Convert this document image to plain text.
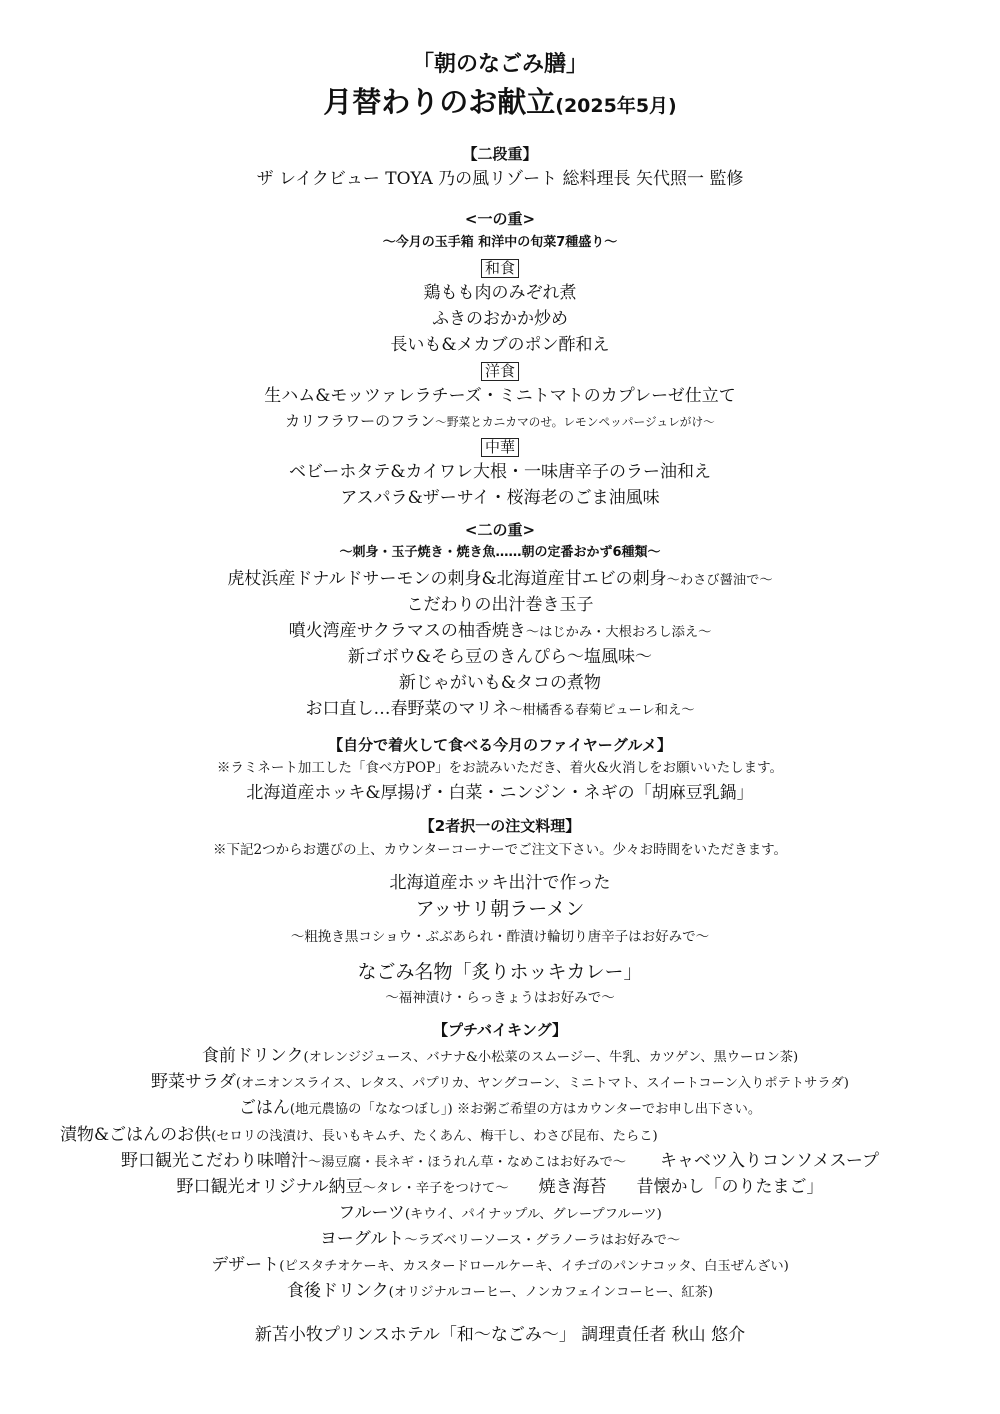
「朝のなごみ膳」
月替わりのお献立(2025年5月)
【二段重】
ザ レイクビュー TOYA 乃の風リゾート 総料理長 矢代照一 監修
<一の重>
〜今月の玉手箱 和洋中の旬菜7種盛り〜
和食
鶏もも肉のみぞれ煮
ふきのおかか炒め
長いも&メカブのポン酢和え
洋食
生ハム&モッツァレラチーズ・ミニトマトのカプレーゼ仕立て
カリフラワーのフラン〜野菜とカニカマのせ。レモンペッパージュレがけ〜
中華
ベビーホタテ&カイワレ大根・一味唐辛子のラー油和え
アスパラ&ザーサイ・桜海老のごま油風味
<二の重>
〜刺身・玉子焼き・焼き魚……朝の定番おかず6種類〜
虎杖浜産ドナルドサーモンの刺身&北海道産甘エビの刺身〜わさび醤油で〜
こだわりの出汁巻き玉子
噴火湾産サクラマスの柚香焼き〜はじかみ・大根おろし添え〜
新ゴボウ&そら豆のきんぴら〜塩風味〜
新じゃがいも&タコの煮物
お口直し…春野菜のマリネ〜柑橘香る春菊ピューレ和え〜
【自分で着火して食べる今月のファイヤーグルメ】
※ラミネート加工した「食べ方POP」をお読みいただき、着火&火消しをお願いいたします。
北海道産ホッキ&厚揚げ・白菜・ニンジン・ネギの「胡麻豆乳鍋」
【2者択一の注文料理】
※下記2つからお選びの上、カウンターコーナーでご注文下さい。少々お時間をいただきます。
北海道産ホッキ出汁で作った
アッサリ朝ラーメン
〜粗挽き黒コショウ・ぶぶあられ・酢漬け輪切り唐辛子はお好みで〜
なごみ名物「炙りホッキカレー」
〜福神漬け・らっきょうはお好みで〜
【プチバイキング】
食前ドリンク(オレンジジュース、バナナ&小松菜のスムージー、牛乳、カツゲン、黒ウーロン茶)
野菜サラダ(オニオンスライス、レタス、パプリカ、ヤングコーン、ミニトマト、スイートコーン入りポテトサラダ)
ごはん(地元農協の「ななつぼし」) ※お粥ご希望の方はカウンターでお申し出下さい。
漬物&ごはんのお供(セロリの浅漬け、長いもキムチ、たくあん、梅干し、わさび昆布、たらこ)
野口観光こだわり味噌汁〜湯豆腐・長ネギ・ほうれん草・なめこはお好みで〜 キャベツ入りコンソメスープ
野口観光オリジナル納豆〜タレ・辛子をつけて〜 焼き海苔 昔懐かし「のりたまご」
フルーツ(キウイ、パイナップル、グレープフルーツ)
ヨーグルト〜ラズベリーソース・グラノーラはお好みで〜
デザート(ピスタチオケーキ、カスタードロールケーキ、イチゴのパンナコッタ、白玉ぜんざい)
食後ドリンク(オリジナルコーヒー、ノンカフェインコーヒー、紅茶)
新苫小牧プリンスホテル「和〜なごみ〜」 調理責任者 秋山 悠介
